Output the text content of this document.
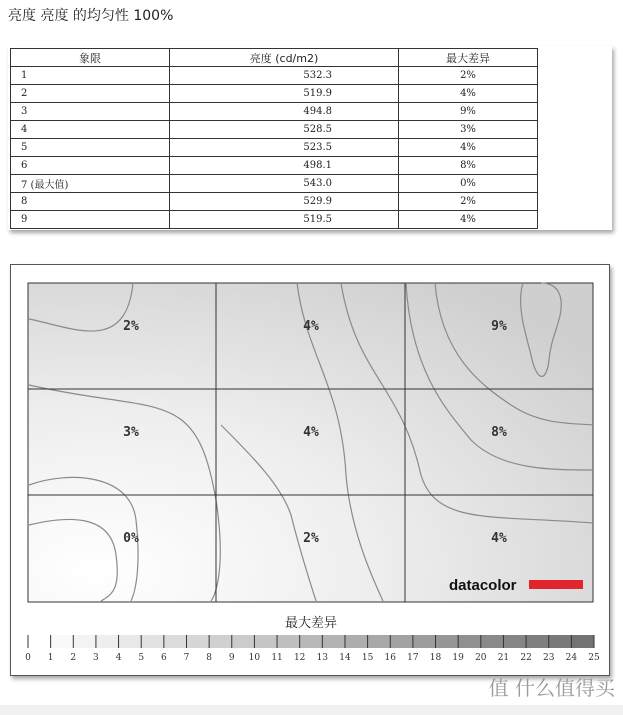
亮度 亮度 的均匀性 100%
象限	亮度 (cd/m2)	最大差异
1	532.3	2%
2	519.9	4%
3	494.8	9%
4	528.5	3%
5	523.5	4%
6	498.1	8%
7 (最大值)	543.0	0%
8	529.9	2%
9	519.5	4%
2%	4%	9%
3%	4%	8%
0%	2%	4%
datacolor
最大差异
0 1 2 3 4 5 6 7 8 9 10 11 12 13 14 15 16 17 18 19 20 21 22 23 24 25
值 什么值得买
